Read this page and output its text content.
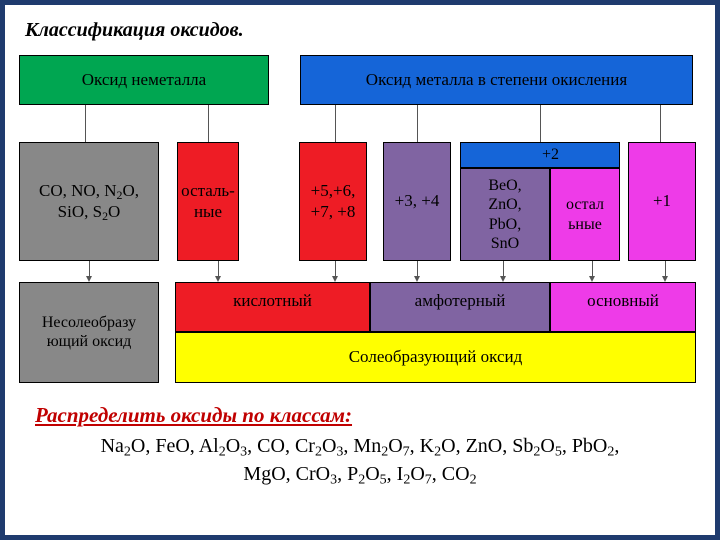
Классификация оксидов.
Оксид неметалла	Оксид металла в степени окисления
CO, NO, $N_2O$,
SiO, $S_2O$
осталь-
ные
+5,+6,
+7, +8
+3, +4
+2
BeO,
ZnO,
PbO,
SnO
остал
ьные
+1
Несолеобразу
ющий оксид
кислотный	амфотерный	основный
Солеобразующий оксид
Распределить оксиды по классам:
$Na_2O$, FeO, $Al_2O_3$, CO, $Cr_2O_3$, $Mn_2O_7$, $K_2O$, ZnO, $Sb_2O_5$, PbO$_2$,
MgO, CrO$_3$, $P_2O_5$, $I_2O_7$, $CO_2$
